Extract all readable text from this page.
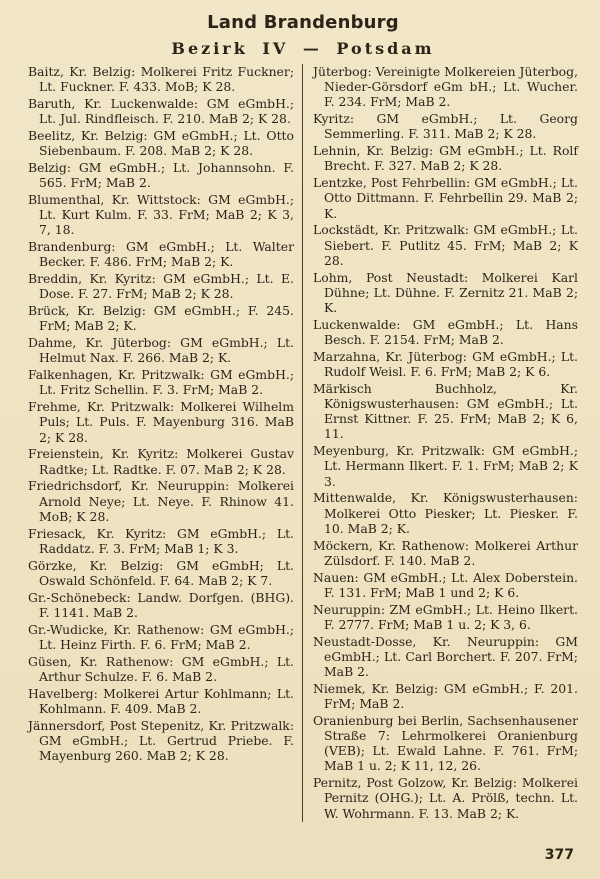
Land Brandenburg
Bezirk IV — Potsdam

Baitz, Kr. Belzig: Molkerei Fritz Fuckner; Lt. Fuckner. F. 433. MoB; K 28.

Baruth, Kr. Luckenwalde: GM eGmbH.; Lt. Jul. Rindfleisch. F. 210. MaB 2; K 28.

Beelitz, Kr. Belzig: GM eGmbH.; Lt. Otto Siebenbaum. F. 208. MaB 2; K 28.

Belzig: GM eGmbH.; Lt. Johannsohn. F. 565. FrM; MaB 2.

Blumenthal, Kr. Wittstock: GM eGmbH.; Lt. Kurt Kulm. F. 33. FrM; MaB 2; K 3, 7, 18.

Brandenburg: GM eGmbH.; Lt. Walter Becker. F. 486. FrM; MaB 2; K.

Breddin, Kr. Kyritz: GM eGmbH.; Lt. E. Dose. F. 27. FrM; MaB 2; K 28.

Brück, Kr. Belzig: GM eGmbH.; F. 245. FrM; MaB 2; K.

Dahme, Kr. Jüterbog: GM eGmbH.; Lt. Helmut Nax. F. 266. MaB 2; K.

Falkenhagen, Kr. Pritzwalk: GM eGmbH.; Lt. Fritz Schellin. F. 3. FrM; MaB 2.

Frehme, Kr. Pritzwalk: Molkerei Wilhelm Puls; Lt. Puls. F. Mayenburg 316. MaB 2; K 28.

Freienstein, Kr. Kyritz: Molkerei Gustav Radtke; Lt. Radtke. F. 07. MaB 2; K 28.

Friedrichsdorf, Kr. Neuruppin: Molkerei Arnold Neye; Lt. Neye. F. Rhinow 41. MoB; K 28.

Friesack, Kr. Kyritz: GM eGmbH.; Lt. Raddatz. F. 3. FrM; MaB 1; K 3.

Görzke, Kr. Belzig: GM eGmbH; Lt. Oswald Schönfeld. F. 64. MaB 2; K 7.

Gr.-Schönebeck: Landw. Dorfgen. (BHG). F. 1141. MaB 2.

Gr.-Wudicke, Kr. Rathenow: GM eGmbH.; Lt. Heinz Firth. F. 6. FrM; MaB 2.

Güsen, Kr. Rathenow: GM eGmbH.; Lt. Arthur Schulze. F. 6. MaB 2.

Havelberg: Molkerei Artur Kohlmann; Lt. Kohlmann. F. 409. MaB 2.

Jännersdorf, Post Stepenitz, Kr. Pritzwalk: GM eGmbH.; Lt. Gertrud Priebe. F. Mayenburg 260. MaB 2; K 28.

Jüterbog: Vereinigte Molkereien Jüterbog, Nieder-Görsdorf eGm bH.; Lt. Wucher. F. 234. FrM; MaB 2.

Kyritz: GM eGmbH.; Lt. Georg Semmerling. F. 311. MaB 2; K 28.

Lehnin, Kr. Belzig: GM eGmbH.; Lt. Rolf Brecht. F. 327. MaB 2; K 28.

Lentzke, Post Fehrbellin: GM eGmbH.; Lt. Otto Dittmann. F. Fehrbellin 29. MaB 2; K.

Lockstädt, Kr. Pritzwalk: GM eGmbH.; Lt. Siebert. F. Putlitz 45. FrM; MaB 2; K 28.

Lohm, Post Neustadt: Molkerei Karl Dühne; Lt. Dühne. F. Zernitz 21. MaB 2; K.

Luckenwalde: GM eGmbH.; Lt. Hans Besch. F. 2154. FrM; MaB 2.

Marzahna, Kr. Jüterbog: GM eGmbH.; Lt. Rudolf Weisl. F. 6. FrM; MaB 2; K 6.

Märkisch Buchholz, Kr. Königswusterhausen: GM eGmbH.; Lt. Ernst Kittner. F. 25. FrM; MaB 2; K 6, 11.

Meyenburg, Kr. Pritzwalk: GM eGmbH.; Lt. Hermann Ilkert. F. 1. FrM; MaB 2; K 3.

Mittenwalde, Kr. Königswusterhausen: Molkerei Otto Piesker; Lt. Piesker. F. 10. MaB 2; K.

Möckern, Kr. Rathenow: Molkerei Arthur Zülsdorf. F. 140. MaB 2.

Nauen: GM eGmbH.; Lt. Alex Doberstein. F. 131. FrM; MaB 1 und 2; K 6.

Neuruppin: ZM eGmbH.; Lt. Heino Ilkert. F. 2777. FrM; MaB 1 u. 2; K 3, 6.

Neustadt-Dosse, Kr. Neuruppin: GM eGmbH.; Lt. Carl Borchert. F. 207. FrM; MaB 2.

Niemek, Kr. Belzig: GM eGmbH.; F. 201. FrM; MaB 2.

Oranienburg bei Berlin, Sachsenhausener Straße 7: Lehrmolkerei Oranienburg (VEB); Lt. Ewald Lahne. F. 761. FrM; MaB 1 u. 2; K 11, 12, 26.

Pernitz, Post Golzow, Kr. Belzig: Molkerei Pernitz (OHG.); Lt. A. Prölß, techn. Lt. W. Wohrmann. F. 13. MaB 2; K.

377
